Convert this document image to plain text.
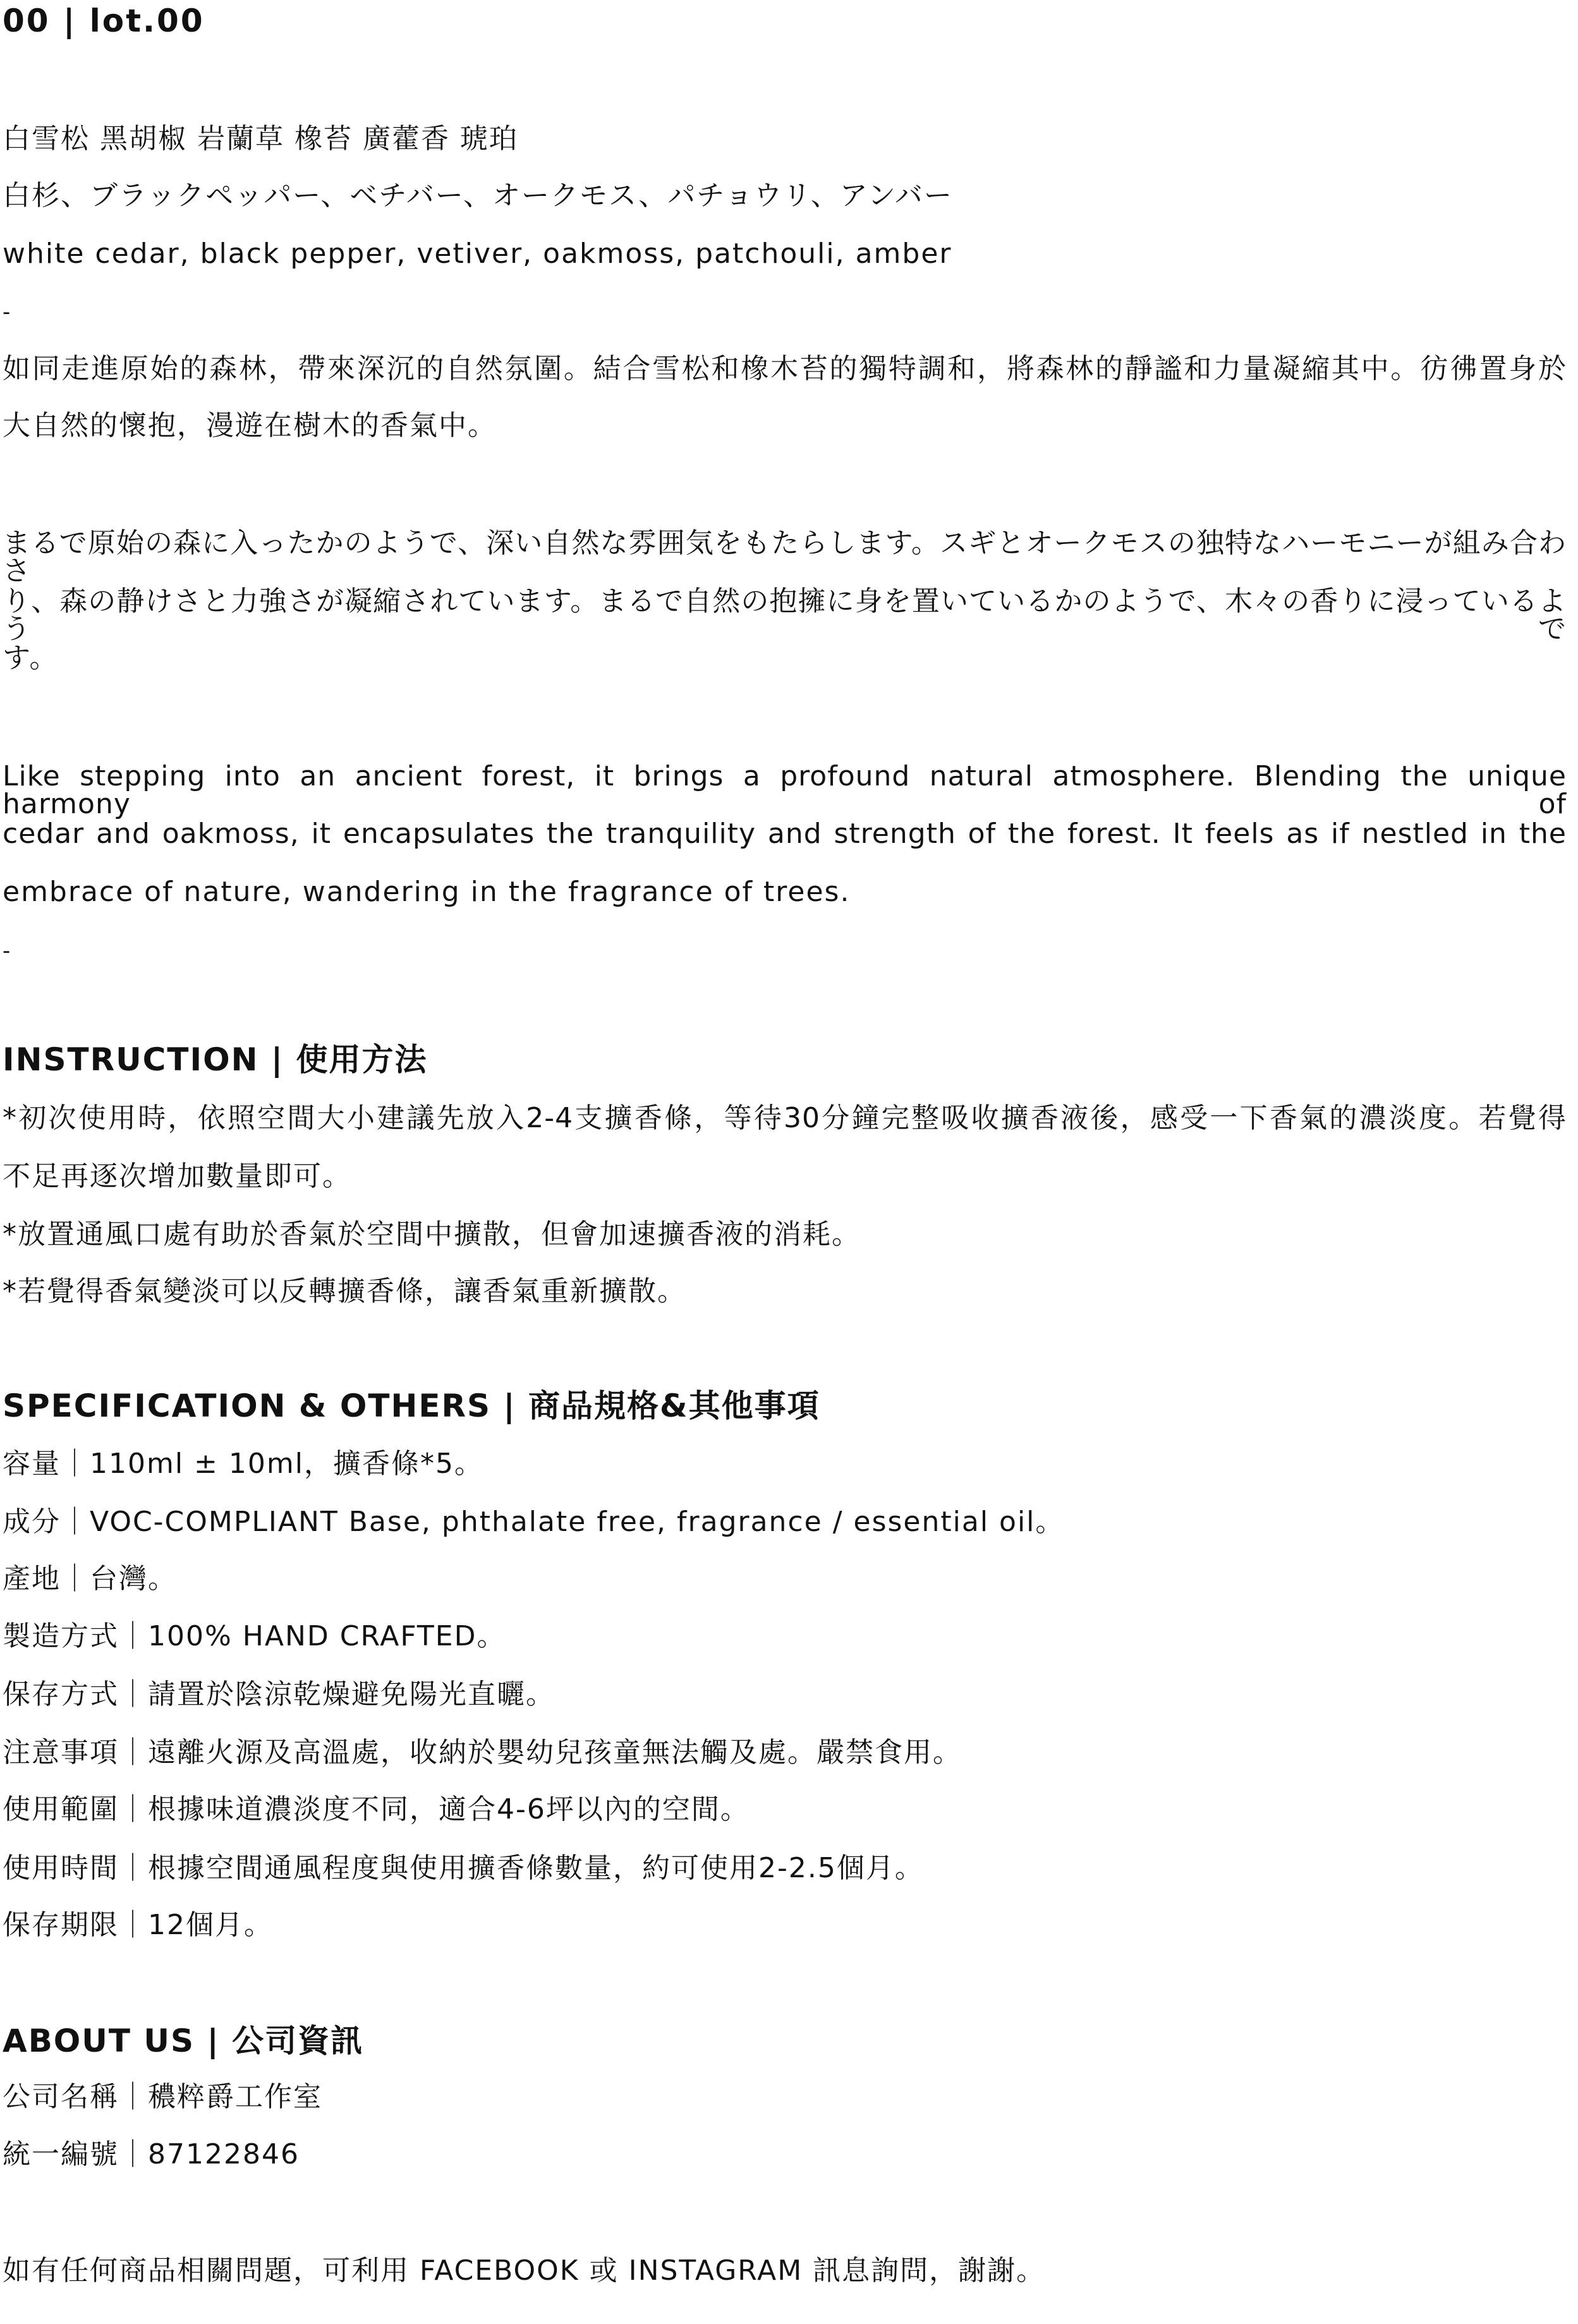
00 | lot.00

白雪松 黑胡椒 岩蘭草 橡苔 廣藿香 琥珀

白杉、ブラックペッパー、ベチバー、オークモス、パチョウリ、アンバー

white cedar, black pepper, vetiver, oakmoss, patchouli, amber

-

如同走進原始的森林，帶來深沉的自然氛圍。結合雪松和橡木苔的獨特調和，將森林的靜謐和力量凝縮其中。彷彿置身於

大自然的懷抱，漫遊在樹木的香氣中。

まるで原始の森に入ったかのようで、深い自然な雰囲気をもたらします。スギとオークモスの独特なハーモニーが組み合わさ

り、森の静けさと力強さが凝縮されています。まるで自然の抱擁に身を置いているかのようで、木々の香りに浸っているようで

す。

Like stepping into an ancient forest, it brings a profound natural atmosphere. Blending the unique harmony of

cedar and oakmoss, it encapsulates the tranquility and strength of the forest. It feels as if nestled in the

embrace of nature, wandering in the fragrance of trees.

-

INSTRUCTION | 使用方法

*初次使用時，依照空間大小建議先放入2-4支擴香條，等待30分鐘完整吸收擴香液後，感受一下香氣的濃淡度。若覺得

不足再逐次增加數量即可。

*放置通風口處有助於香氣於空間中擴散，但會加速擴香液的消耗。

*若覺得香氣變淡可以反轉擴香條，讓香氣重新擴散。

SPECIFICATION & OTHERS | 商品規格&其他事項

容量｜110ml ± 10ml，擴香條*5。

成分｜VOC-COMPLIANT Base, phthalate free, fragrance / essential oil。

產地｜台灣。

製造方式｜100% HAND CRAFTED。

保存方式｜請置於陰涼乾燥避免陽光直曬。

注意事項｜遠離火源及高溫處，收納於嬰幼兒孩童無法觸及處。嚴禁食用。

使用範圍｜根據味道濃淡度不同，適合4-6坪以內的空間。

使用時間｜根據空間通風程度與使用擴香條數量，約可使用2-2.5個月。

保存期限｜12個月。

ABOUT US | 公司資訊

公司名稱｜穠粹爵工作室

統一編號｜87122846

如有任何商品相關問題，可利用 FACEBOOK 或 INSTAGRAM 訊息詢問，謝謝。
